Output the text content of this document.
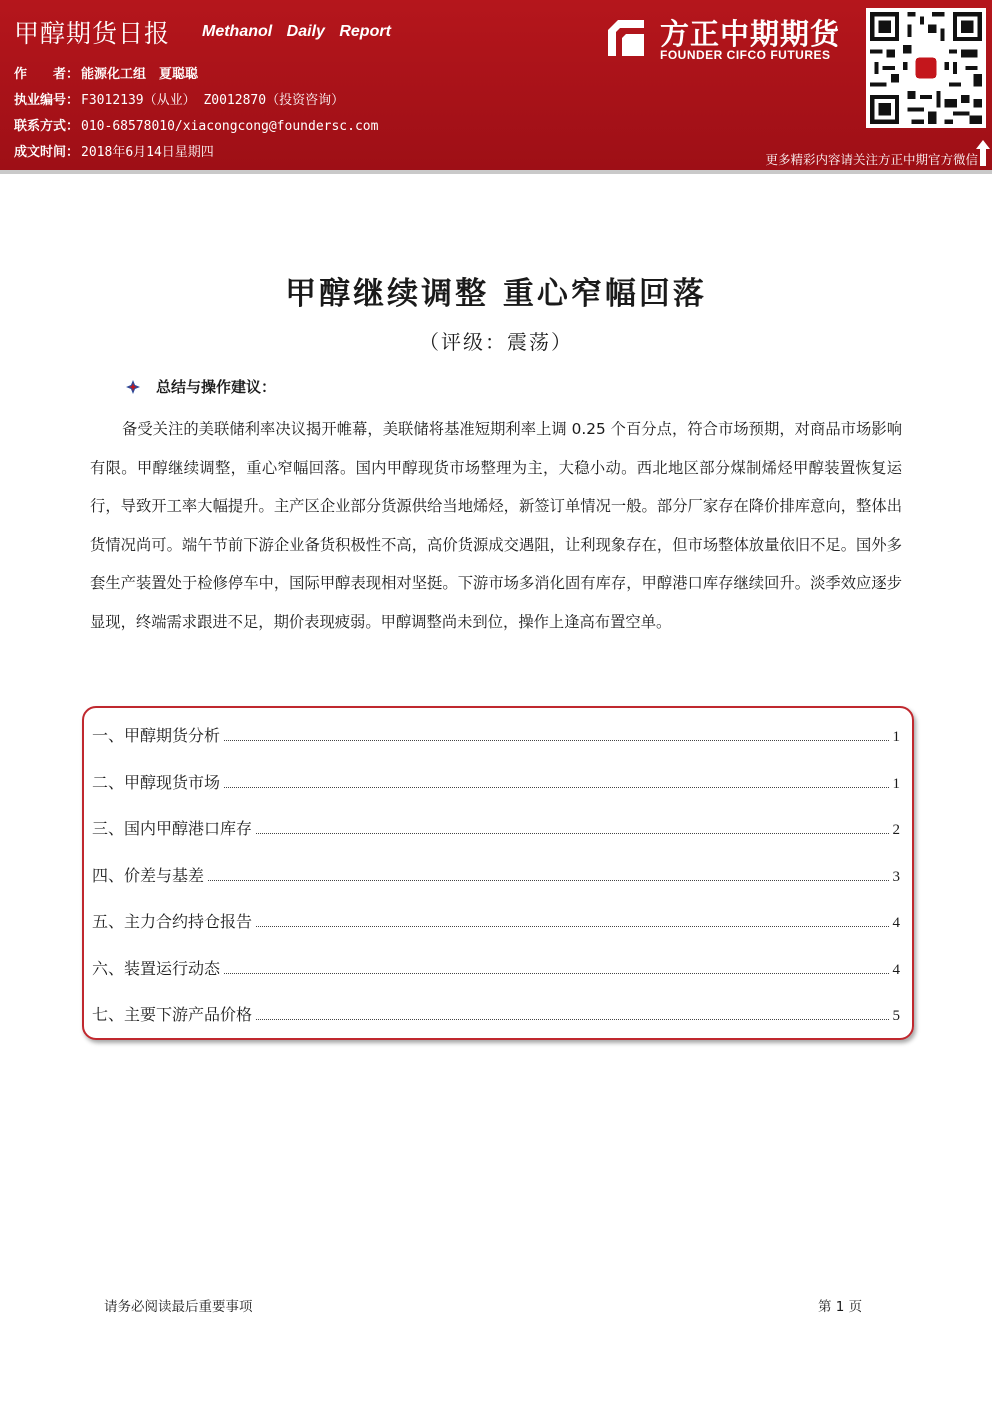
甲醇期货日报 Methanol Daily Report
作　　者： 能源化工组　夏聪聪
执业编号： F3012139（从业） Z0012870（投资咨询）
联系方式： 010-68578010/xiacongcong@foundersc.com
成文时间： 2018年6月14日星期四
方正中期期货
FOUNDER CIFCO FUTURES
更多精彩内容请关注方正中期官方微信
甲醇继续调整 重心窄幅回落
（评级：震荡）
总结与操作建议：

备受关注的美联储利率决议揭开帷幕，美联储将基准短期利率上调 0.25 个百分点，符合市场预期，对商品市场影响有限。甲醇继续调整，重心窄幅回落。国内甲醇现货市场整理为主，大稳小动。西北地区部分煤制烯烃甲醇装置恢复运行，导致开工率大幅提升。主产区企业部分货源供给当地烯烃，新签订单情况一般。部分厂家存在降价排库意向，整体出货情况尚可。端午节前下游企业备货积极性不高，高价货源成交遇阻，让利现象存在，但市场整体放量依旧不足。国外多套生产装置处于检修停车中，国际甲醇表现相对坚挺。下游市场多消化固有库存，甲醇港口库存继续回升。淡季效应逐步显现，终端需求跟进不足，期价表现疲弱。甲醇调整尚未到位，操作上逢高布置空单。

一、甲醇期货分析	1
二、甲醇现货市场	1
三、国内甲醇港口库存	2
四、价差与基差	3
五、主力合约持仓报告	4
六、装置运行动态	4
七、主要下游产品价格	5
请务必阅读最后重要事项	第 1 页
